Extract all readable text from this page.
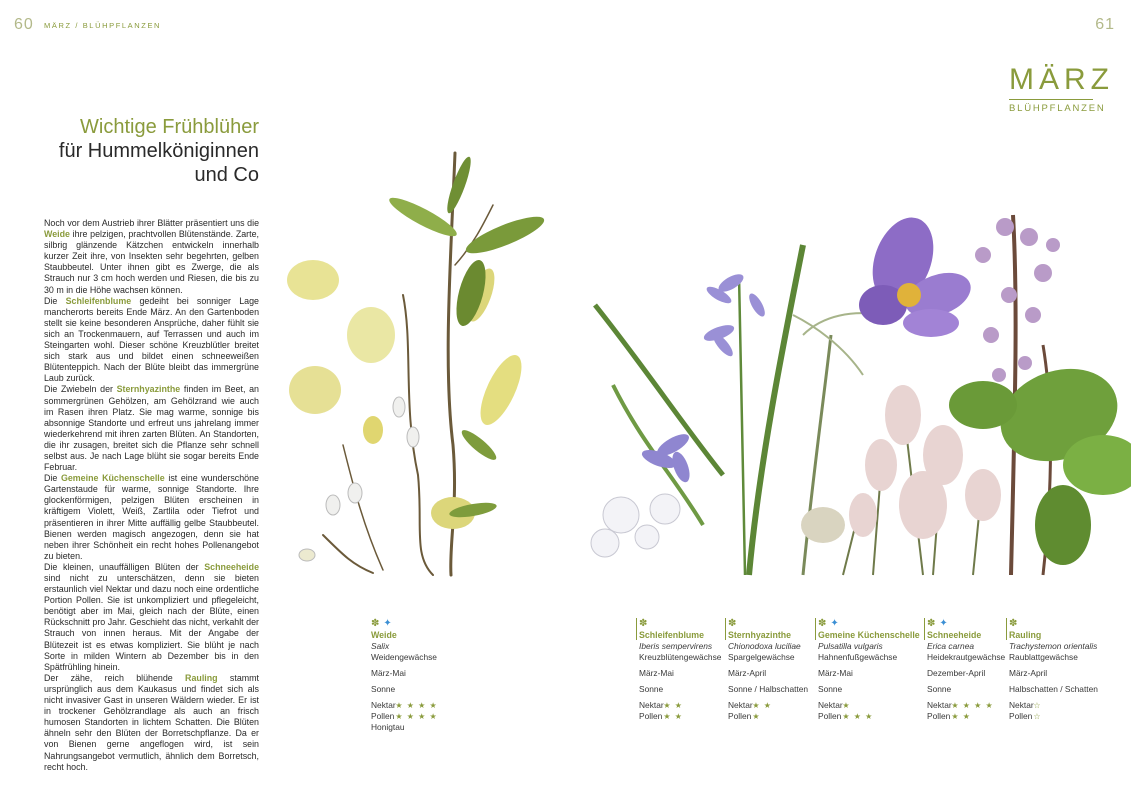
60 MÄRZ / BLÜHPFLANZEN	61
MÄRZ
BLÜHPFLANZEN
Wichtige Frühblüher
für Hummelköniginnen
und Co

Noch vor dem Austrieb ihrer Blätter präsentiert uns die Weide ihre pelzigen, prachtvollen Blütenstände. Zarte, silbrig glänzende Kätzchen entwickeln innerhalb kurzer Zeit ihre, von Insekten sehr begehrten, gelben Staubbeutel. Unter ihnen gibt es Zwerge, die als Strauch nur 3 cm hoch werden und Riesen, die bis zu 30 m in die Höhe wachsen können.

Die Schleifenblume gedeiht bei sonniger Lage mancherorts bereits Ende März. An den Gartenboden stellt sie keine besonderen Ansprüche, daher fühlt sie sich an Trockenmauern, auf Terrassen und auch im Steingarten wohl. Dieser schöne Kreuzblütler breitet sich stark aus und bildet einen schneeweißen Blütenteppich. Nach der Blüte bleibt das immergrüne Laub zurück.

Die Zwiebeln der Sternhyazinthe finden im Beet, an sommergrünen Gehölzen, am Gehölzrand wie auch im Rasen ihren Platz. Sie mag warme, sonnige bis absonnige Standorte und erfreut uns jahrelang immer wiederkehrend mit ihren zarten Blüten. An Standorten, die ihr zusagen, breitet sich die Pflanze sehr schnell selbst aus. Je nach Lage blüht sie sogar bereits Ende Februar.

Die Gemeine Küchenschelle ist eine wunderschöne Gartenstaude für warme, sonnige Standorte. Ihre glockenförmigen, pelzigen Blüten erscheinen in kräftigem Violett, Weiß, Zartlila oder Tiefrot und präsentieren in ihrer Mitte auffällig gelbe Staubbeutel. Bienen werden magisch angezogen, denn sie hat neben ihrer Schönheit ein recht hohes Pollenangebot zu bieten.

Die kleinen, unauffälligen Blüten der Schneeheide sind nicht zu unterschätzen, denn sie bieten erstaunlich viel Nektar und dazu noch eine ordentliche Portion Pollen. Sie ist unkompliziert und pflegeleicht, benötigt aber im Mai, gleich nach der Blüte, einen Rückschnitt pro Jahr. Geschieht das nicht, verkahlt der Strauch von innen heraus. Mit der Angabe der Blütezeit ist es etwas kompliziert. Sie blüht je nach Sorte in milden Wintern ab Dezember bis in den Spätfrühling hinein.

Der zähe, reich blühende Rauling stammt ursprünglich aus dem Kaukasus und findet sich als nicht invasiver Gast in unseren Wäldern wieder. Er ist in trockener Gehölzrandlage als auch an frisch humosen Standorten in lichtem Schatten. Die Blüten ähneln sehr den Blüten der Borretschpflanze. Da er von Bienen gerne angeflogen wird, ist sein Nahrungsangebot vermutlich, ähnlich dem Borretsch, recht hoch.

✽ ✦
Weide
Salix
Weidengewächse
März-Mai
Sonne
Nektar ★ ★ ★ ★
Pollen ★ ★ ★ ★
Honigtau
✽
Schleifenblume
Iberis sempervirens
Kreuzblütengewächse
März-Mai
Sonne
Nektar ★ ★
Pollen ★ ★
✽
Sternhyazinthe
Chionodoxa luciliae
Spargelgewächse
März-April
Sonne / Halbschatten
Nektar ★ ★
Pollen ★
✽ ✦
Gemeine Küchenschelle
Pulsatilla vulgaris
Hahnenfußgewächse
März-Mai
Sonne
Nektar ★
Pollen ★ ★ ★
✽ ✦
Schneeheide
Erica carnea
Heidekrautgewächse
Dezember-April
Sonne
Nektar ★ ★ ★ ★
Pollen ★ ★
✽
Rauling
Trachystemon orientalis
Raublattgewächse
März-April
Halbschatten / Schatten
Nektar ☆
Pollen ☆
